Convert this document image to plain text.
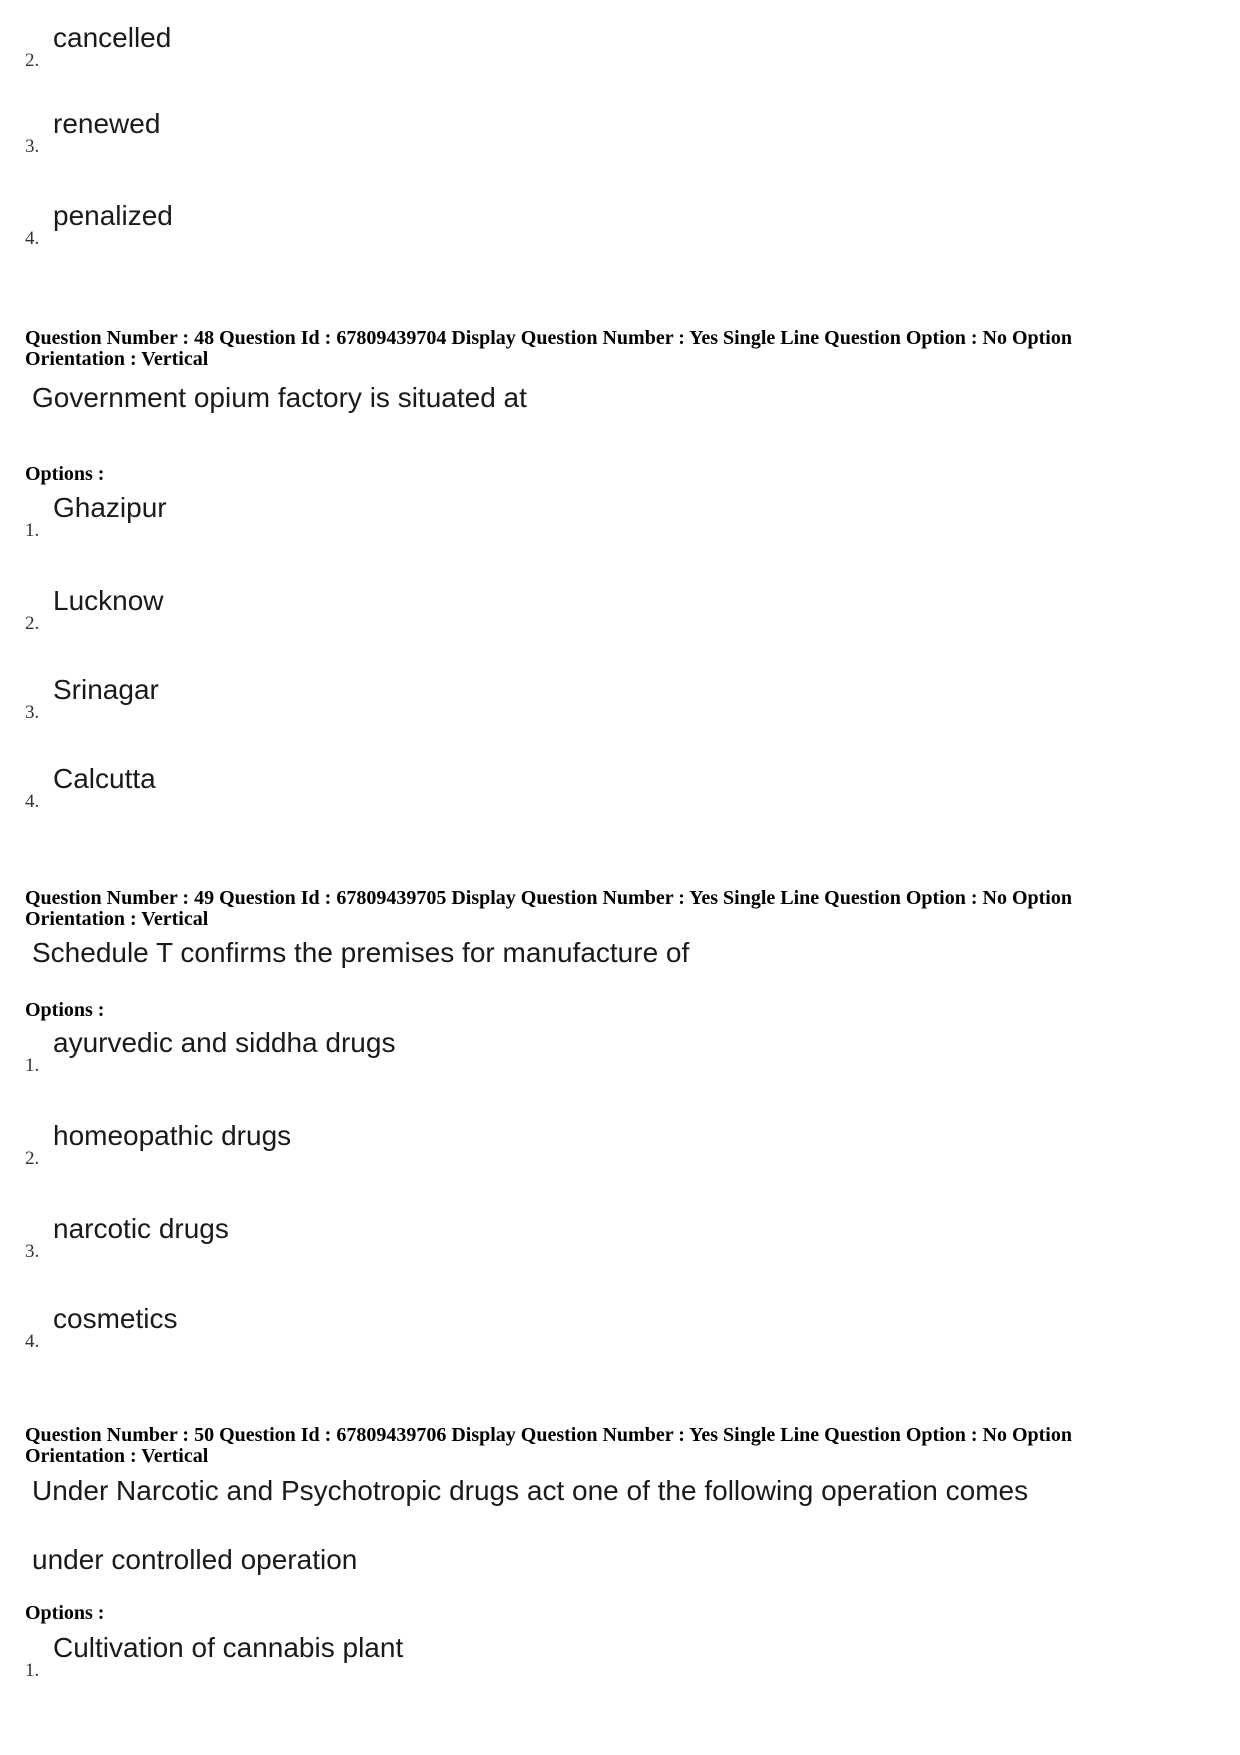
2.
cancelled
3.
renewed
4.
penalized
Question Number : 48 Question Id : 67809439704 Display Question Number : Yes Single Line Question Option : No Option
Orientation : Vertical
Government opium factory is situated at
Options :
1.
Ghazipur
2.
Lucknow
3.
Srinagar
4.
Calcutta
Question Number : 49 Question Id : 67809439705 Display Question Number : Yes Single Line Question Option : No Option
Orientation : Vertical
Schedule T confirms the premises for manufacture of
Options :
1.
ayurvedic and siddha drugs
2.
homeopathic drugs
3.
narcotic drugs
4.
cosmetics
Question Number : 50 Question Id : 67809439706 Display Question Number : Yes Single Line Question Option : No Option
Orientation : Vertical
Under Narcotic and Psychotropic drugs act one of the following operation comes
under controlled operation
Options :
1.
Cultivation of cannabis plant
